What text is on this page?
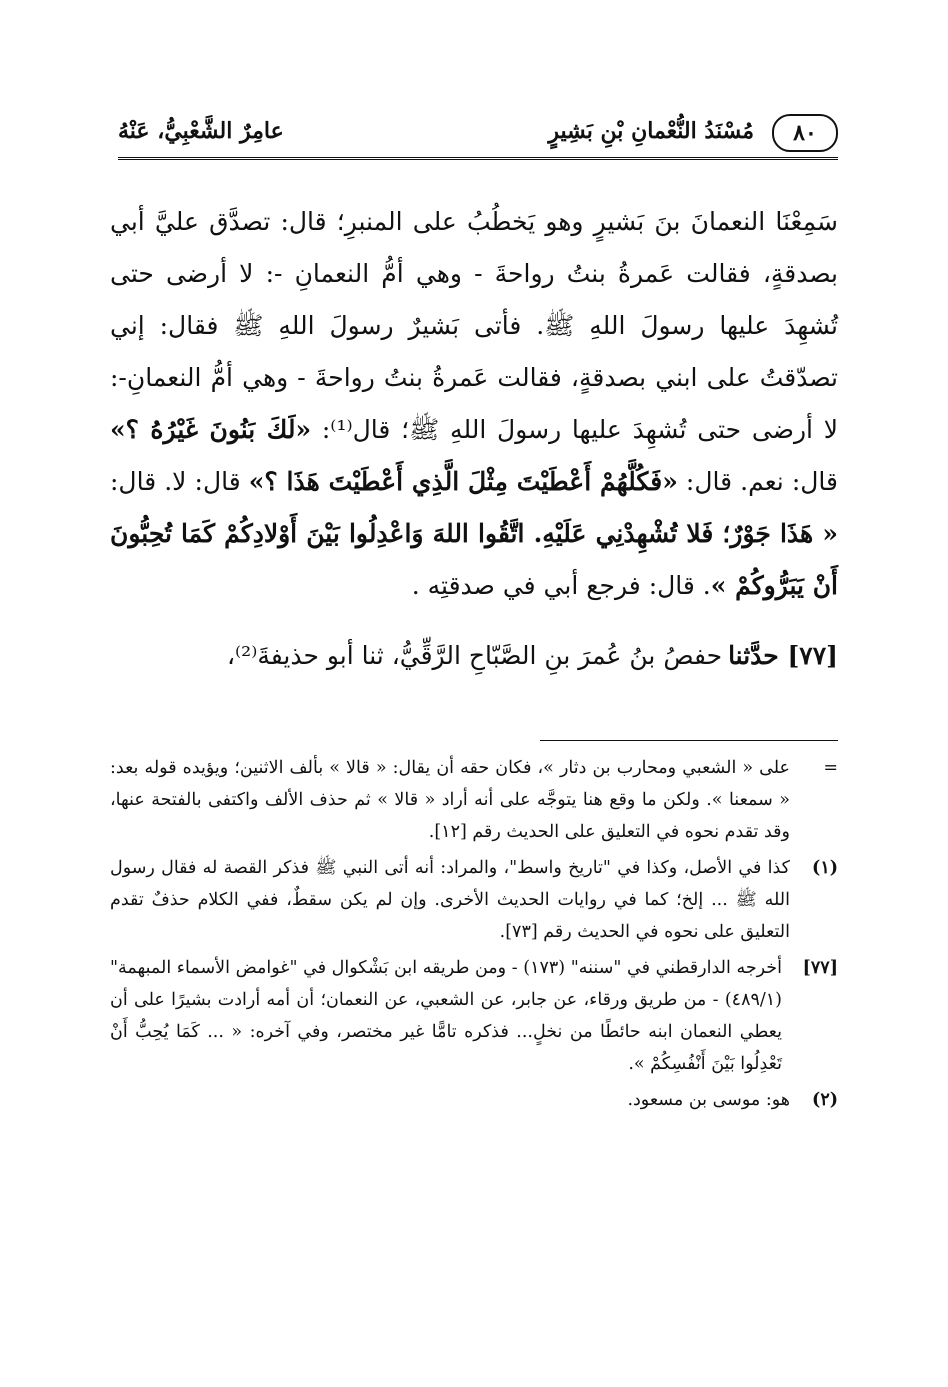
٨٠
مُسْنَدُ النُّعْمانِ بْنِ بَشِيرٍ
عامِرٌ الشَّعْبِيُّ، عَنْهُ

سَمِعْنَا النعمانَ بنَ بَشيرٍ وهو يَخطُبُ على المنبرِ؛ قال: تصدَّق عليَّ أبي بصدقةٍ، فقالت عَمرةُ بنتُ رواحةَ - وهي أمُّ النعمانِ -: لا أرضى حتى تُشهِدَ عليها رسولَ اللهِ ﷺ. فأتى بَشيرٌ رسولَ اللهِ ﷺ فقال: إني تصدّقتُ على ابني بصدقةٍ، فقالت عَمرةُ بنتُ رواحةَ - وهي أمُّ النعمانِ-: لا أرضى حتى تُشهِدَ عليها رسولَ اللهِ ﷺ؛ قال⁽¹⁾: «لَكَ بَنُونَ غَيْرُهُ ؟» قال: نعم. قال: «فَكُلَّهُمْ أَعْطَيْتَ مِثْلَ الَّذِي أَعْطَيْتَ هَذَا ؟» قال: لا. قال: « هَذَا جَوْرٌ؛ فَلا تُشْهِدْنِي عَلَيْهِ. اتَّقُوا اللهَ وَاعْدِلُوا بَيْنَ أَوْلادِكُمْ كَمَا تُحِبُّونَ أَنْ يَبَرُّوكُمْ ». قال: فرجع أبي في صدقتِه .

[٧٧] حدَّثناحفصُ بنُ عُمرَ بنِ الصَّبّاحِ الرَّقِّيُّ، ثنا أبو حذيفةَ⁽²⁾،

=
على « الشعبي ومحارب بن دثار »، فكان حقه أن يقال: « قالا » بألف الاثنين؛ ويؤيده قوله بعد: « سمعنا ». ولكن ما وقع هنا يتوجَّه على أنه أراد « قالا » ثم حذف الألف واكتفى بالفتحة عنها، وقد تقدم نحوه في التعليق على الحديث رقم [١٢].

(١)
كذا في الأصل، وكذا في "تاريخ واسط"، والمراد: أنه أتى النبي ﷺ فذكر القصة له فقال رسول الله ﷺ ... إلخ؛ كما في روايات الحديث الأخرى. وإن لم يكن سقطٌ، ففي الكلام حذفٌ تقدم التعليق على نحوه في الحديث رقم [٧٣].

[٧٧]
أخرجه الدارقطني في "سننه" (١٧٣) - ومن طريقه ابن بَشْكوال في "غوامض الأسماء المبهمة" (٤٨٩/١) - من طريق ورقاء، عن جابر، عن الشعبي، عن النعمان؛ أن أمه أرادت بشيرًا على أن يعطي النعمان ابنه حائطًا من نخلٍ... فذكره تامًّا غير مختصر، وفي آخره: « ... كَمَا يُحِبُّ أَنْ تَعْدِلُوا بَيْنَ أَنْفُسِكُمْ ».

(٢)
هو: موسى بن مسعود.
